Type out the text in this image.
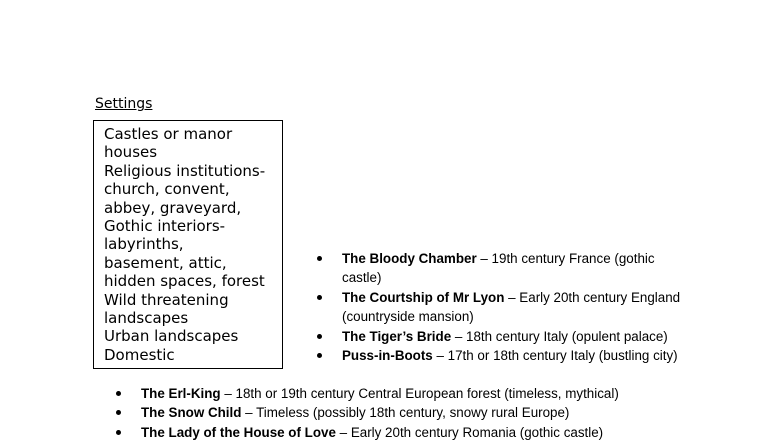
Settings
Castles or manor
houses
Religious institutions-
church, convent,
abbey, graveyard,
Gothic interiors-
labyrinths,
basement, attic,
hidden spaces, forest
Wild threatening
landscapes
Urban landscapes
Domestic
The Bloody Chamber – 19th century France (gothic castle)
The Courtship of Mr Lyon – Early 20th century England (countryside mansion)
The Tiger’s Bride – 18th century Italy (opulent palace)
Puss-in-Boots – 17th or 18th century Italy (bustling city)
The Erl-King – 18th or 19th century Central European forest (timeless, mythical)
The Snow Child – Timeless (possibly 18th century, snowy rural Europe)
The Lady of the House of Love – Early 20th century Romania (gothic castle)
